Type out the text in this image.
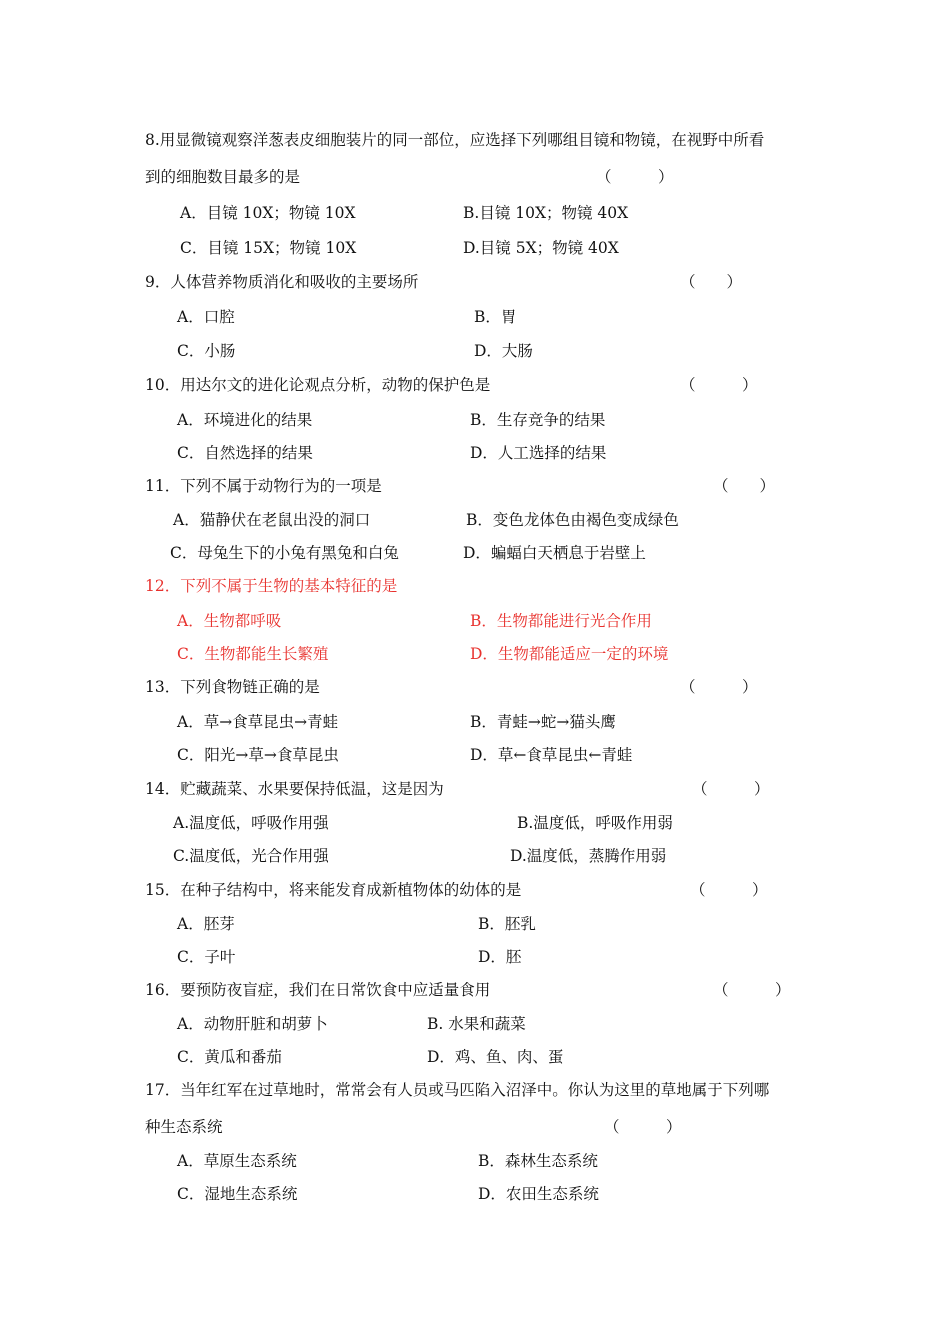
8.用显微镜观察洋葱表皮细胞装片的同一部位，应选择下列哪组目镜和物镜，在视野中所看
到的细胞数目最多的是	（　　　）
A．目镜 10X；物镜 10X	B.目镜 10X；物镜 40X
C．目镜 15X；物镜 10X	D.目镜 5X；物镜 40X
9．人体营养物质消化和吸收的主要场所	（　　）
A．口腔	B．胃
C．小肠	D．大肠
10．用达尔文的进化论观点分析，动物的保护色是	（　　　）
A．环境进化的结果	B．生存竞争的结果
C．自然选择的结果	D．人工选择的结果
11．下列不属于动物行为的一项是	（　　）
A．猫静伏在老鼠出没的洞口	B．变色龙体色由褐色变成绿色
C．母兔生下的小兔有黑兔和白兔	D．蝙蝠白天栖息于岩壁上
12．下列不属于生物的基本特征的是
A．生物都呼吸	B．生物都能进行光合作用
C．生物都能生长繁殖	D．生物都能适应一定的环境
13．下列食物链正确的是	（　　　）
A．草→食草昆虫→青蛙	B．青蛙→蛇→猫头鹰
C．阳光→草→食草昆虫	D．草←食草昆虫←青蛙
14．贮藏蔬菜、水果要保持低温，这是因为	（　　　）
A.温度低，呼吸作用强	B.温度低，呼吸作用弱
C.温度低，光合作用强	D.温度低，蒸腾作用弱
15．在种子结构中，将来能发育成新植物体的幼体的是	（　　　）
A．胚芽	B．胚乳
C．子叶	D．胚
16．要预防夜盲症，我们在日常饮食中应适量食用	（　　　）
A．动物肝脏和胡萝卜	B. 水果和蔬菜
C．黄瓜和番茄	D．鸡、鱼、肉、蛋
17．当年红军在过草地时，常常会有人员或马匹陷入沼泽中。你认为这里的草地属于下列哪
种生态系统	（　　　）
A．草原生态系统	B．森林生态系统
C．湿地生态系统	D．农田生态系统
